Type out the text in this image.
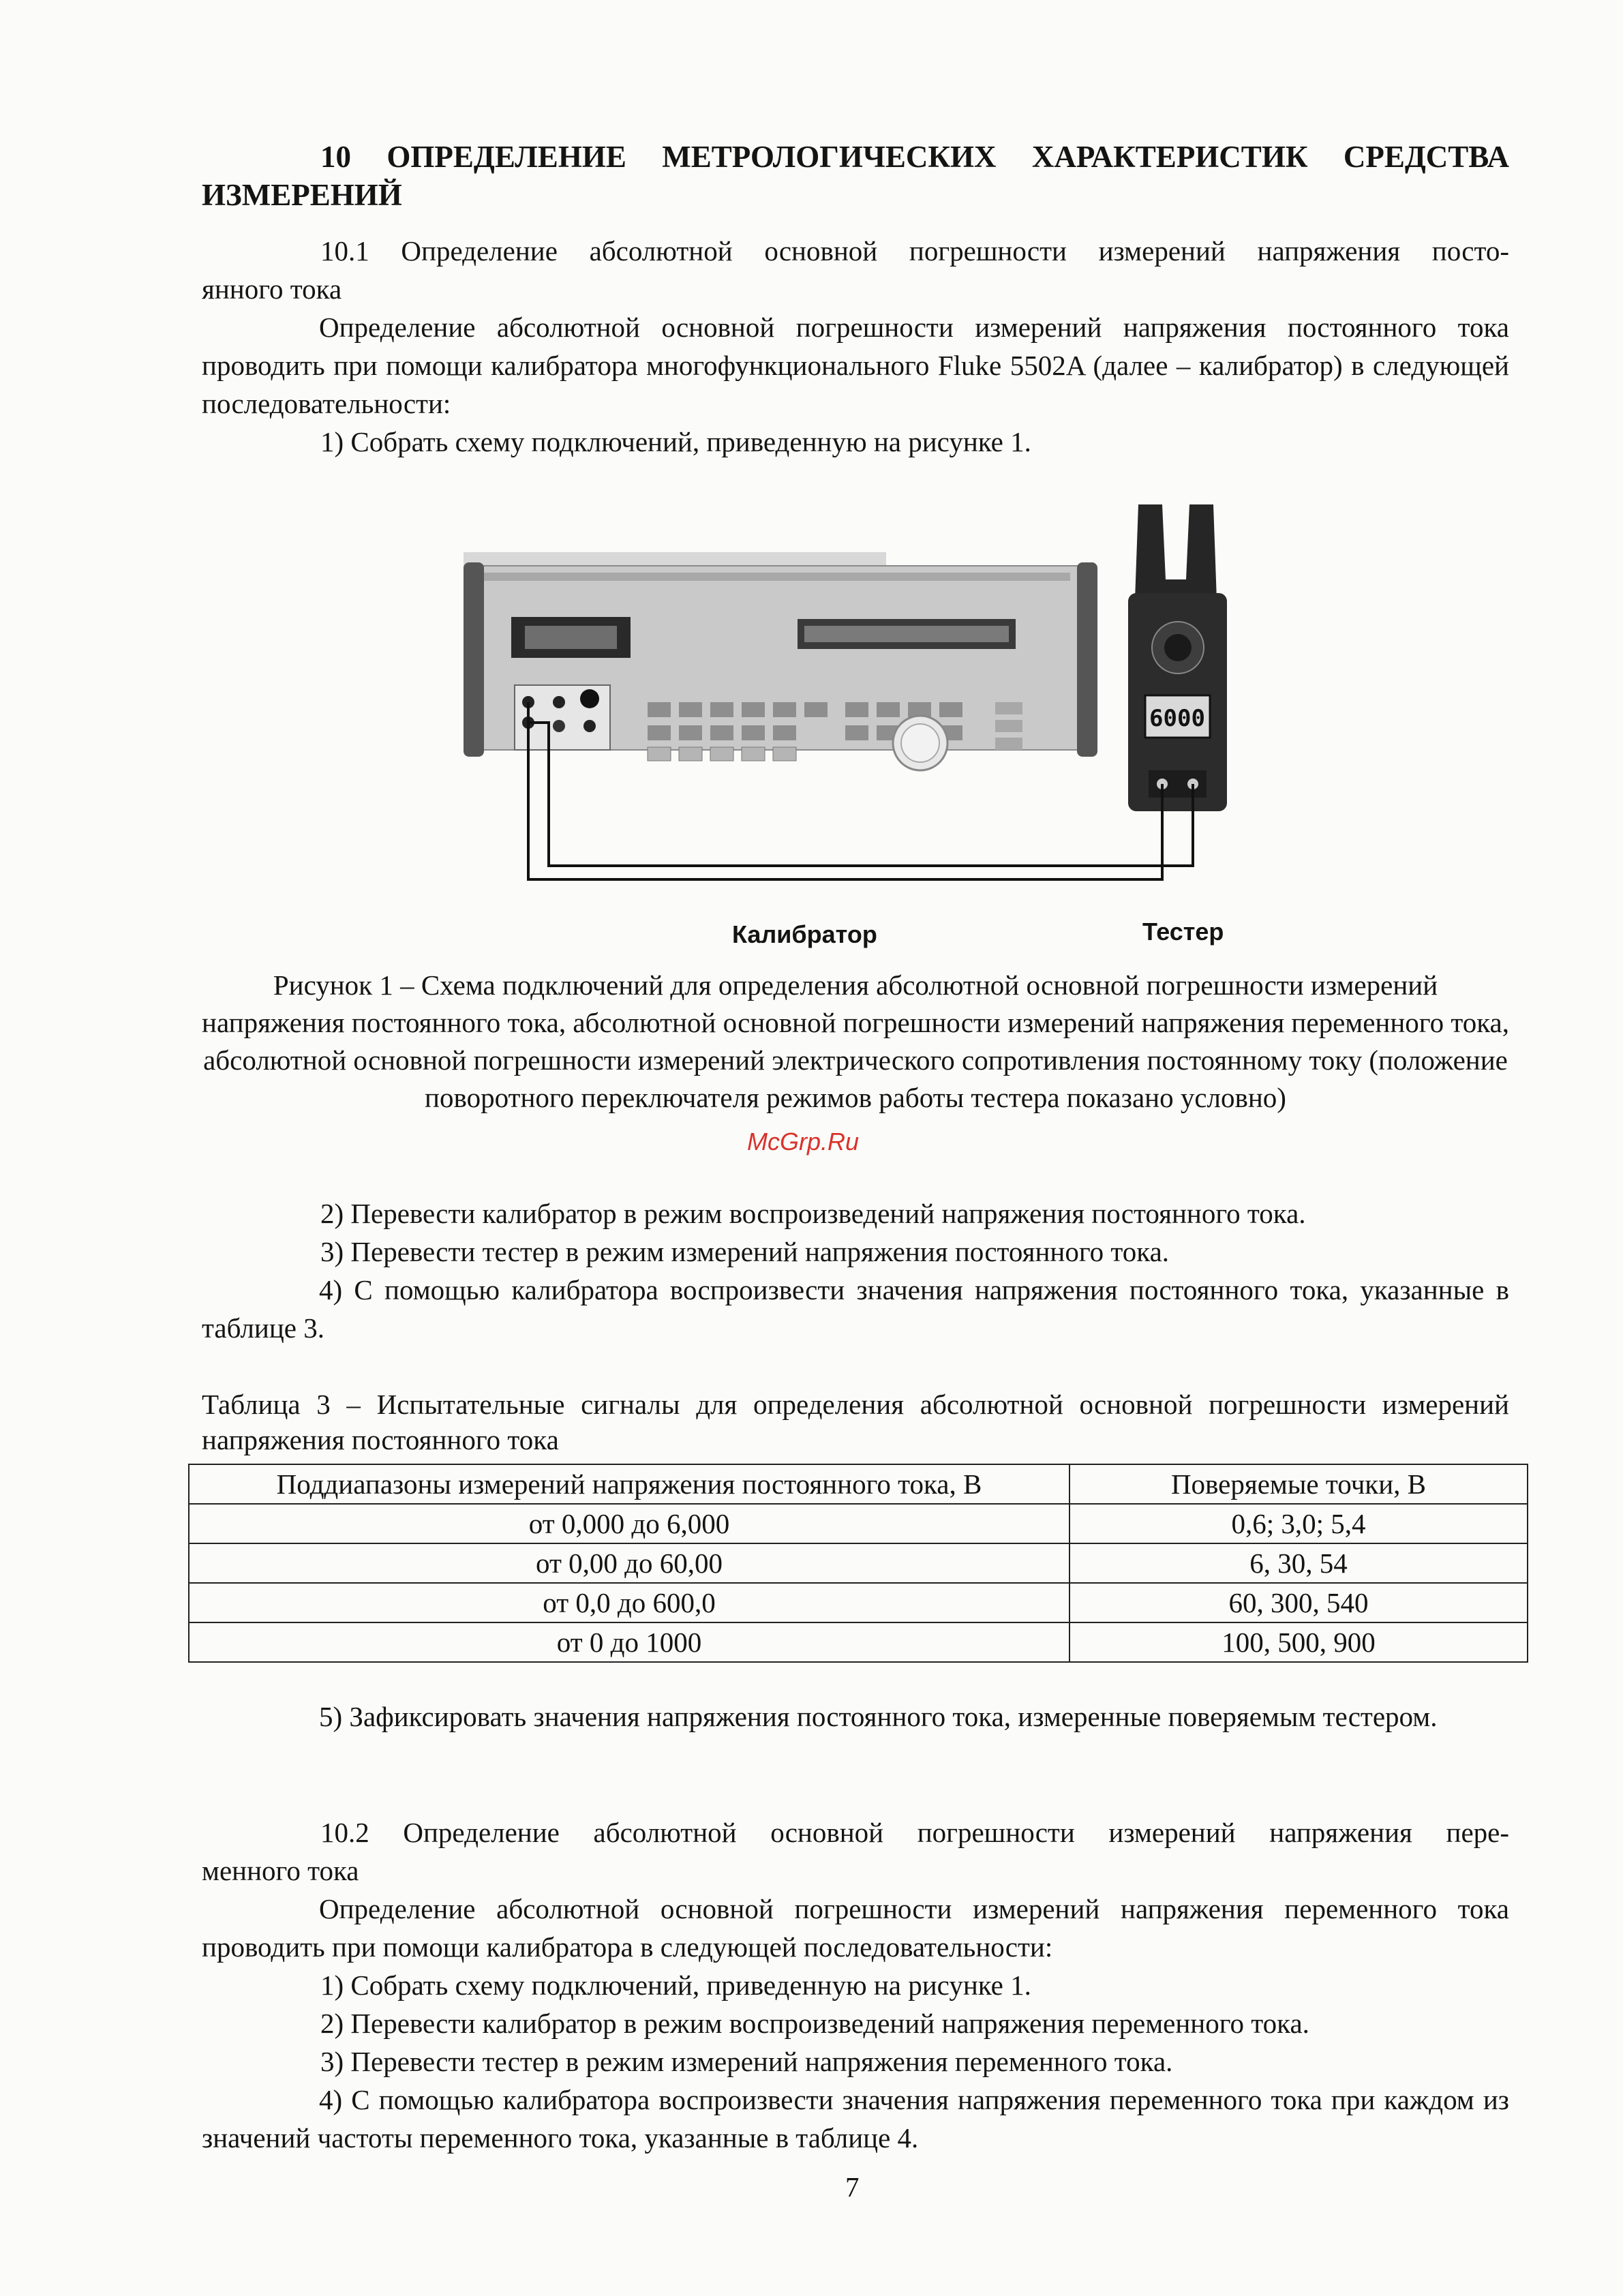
10 ОПРЕДЕЛЕНИЕ МЕТРОЛОГИЧЕСКИХ ХАРАКТЕРИСТИК СРЕДСТВА
ИЗМЕРЕНИЙ
10.1 Определение абсолютной основной погрешности измерений напряжения посто-
янного тока
Определение абсолютной основной погрешности измерений напряжения постоянного тока проводить при помощи калибратора многофункционального Fluke 5502A (далее – калибратор) в следующей последовательности:
1) Собрать схему подключений, приведенную на рисунке 1.
6000
Калибратор	Тестер
Рисунок 1 – Схема подключений для определения абсолютной основной погрешности измерений напряжения постоянного тока, абсолютной основной погрешности измерений напряжения переменного тока, абсолютной основной погрешности измерений электрического сопротивления постоянному току (положение поворотного переключателя режимов работы тестера показано условно)
McGrp.Ru
2) Перевести калибратор в режим воспроизведений напряжения постоянного тока.
3) Перевести тестер в режим измерений напряжения постоянного тока.
4) С помощью калибратора воспроизвести значения напряжения постоянного тока, указанные в таблице 3.
Таблица 3 – Испытательные сигналы для определения абсолютной основной погрешности измерений напряжения постоянного тока
Поддиапазоны измерений напряжения постоянного тока, В	Поверяемые точки, В
от 0,000 до 6,000	0,6; 3,0; 5,4
от 0,00 до 60,00	6, 30, 54
от 0,0 до 600,0	60, 300, 540
от 0 до 1000	100, 500, 900
5) Зафиксировать значения напряжения постоянного тока, измеренные поверяемым тестером.
10.2 Определение абсолютной основной погрешности измерений напряжения пере-
менного тока
Определение абсолютной основной погрешности измерений напряжения переменного тока проводить при помощи калибратора в следующей последовательности:
1) Собрать схему подключений, приведенную на рисунке 1.
2) Перевести калибратор в режим воспроизведений напряжения переменного тока.
3) Перевести тестер в режим измерений напряжения переменного тока.
4) С помощью калибратора воспроизвести значения напряжения переменного тока при каждом из значений частоты переменного тока, указанные в таблице 4.
7
